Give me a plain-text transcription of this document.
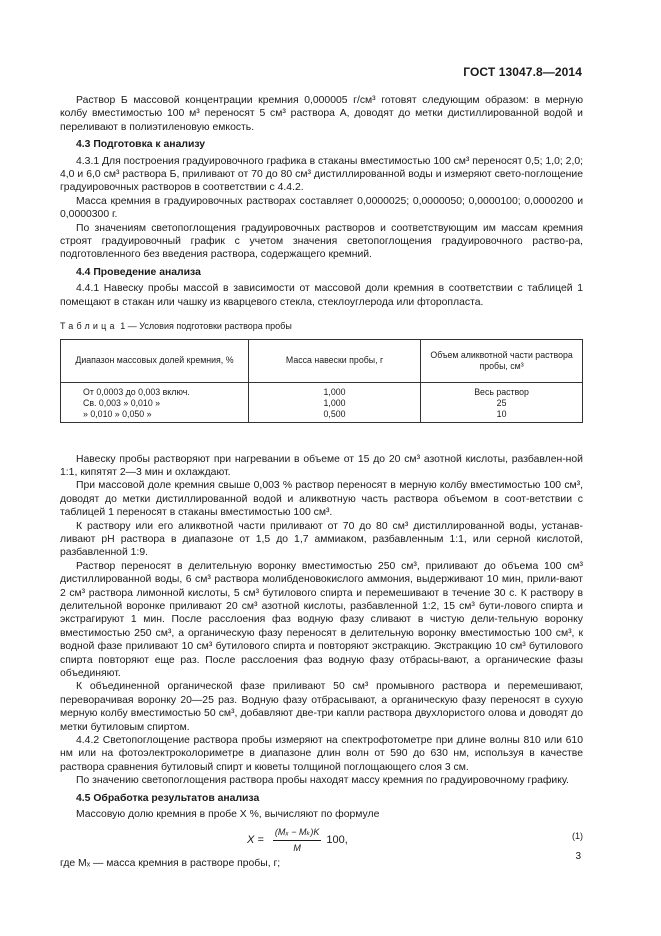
ГОСТ 13047.8—2014

Раствор Б массовой концентрации кремния 0,000005 г/см³ готовят следующим образом: в мерную колбу вместимостью 100 м³ переносят 5 см³ раствора А, доводят до метки дистиллированной водой и переливают в полиэтиленовую емкость.

4.3 Подготовка к анализу

4.3.1 Для построения градуировочного графика в стаканы вместимостью 100 см³ переносят 0,5; 1,0; 2,0; 4,0 и 6,0 см³ раствора Б, приливают от 70 до 80 см³ дистиллированной воды и измеряют свето-поглощение градуировочных растворов в соответствии с 4.4.2.

Масса кремния в градуировочных растворах составляет 0,0000025; 0,0000050; 0,0000100; 0,0000200 и 0,0000300 г.

По значениям светопоглощения градуировочных растворов и соответствующим им массам кремния строят градуировочный график с учетом значения светопоглощения градуировочного раство-ра, подготовленного без введения раствора, содержащего кремний.

4.4 Проведение анализа

4.4.1 Навеску пробы массой в зависимости от массовой доли кремния в соответствии с таблицей 1 помещают в стакан или чашку из кварцевого стекла, стеклоуглерода или фторопласта.

Таблица 1 — Условия подготовки раствора пробы
Диапазон массовых долей кремния, %	Масса навески пробы, г	Объем аликвотной части раствора пробы, см³
От 0,0003 до 0,003 включ.	1,000	Весь раствор
Св. 0,003 » 0,010 »	1,000	25
» 0,010 » 0,050 »	0,500	10

Навеску пробы растворяют при нагревании в объеме от 15 до 20 см³ азотной кислоты, разбавлен-ной 1:1, кипятят 2—3 мин и охлаждают.

При массовой доле кремния свыше 0,003 % раствор переносят в мерную колбу вместимостью 100 см³, доводят до метки дистиллированной водой и аликвотную часть раствора объемом в соот-ветствии с таблицей 1 переносят в стаканы вместимостью 100 см³.

К раствору или его аликвотной части приливают от 70 до 80 см³ дистиллированной воды, устанав-ливают pH раствора в диапазоне от 1,5 до 1,7 аммиаком, разбавленным 1:1, или серной кислотой, разбавленной 1:9.

Раствор переносят в делительную воронку вместимостью 250 см³, приливают до объема 100 см³ дистиллированной воды, 6 см³ раствора молибденовокислого аммония, выдерживают 10 мин, прили-вают 2 см³ раствора лимонной кислоты, 5 см³ бутилового спирта и перемешивают в течение 30 с. К раствору в делительной воронке приливают 20 см³ азотной кислоты, разбавленной 1:2, 15 см³ бути-лового спирта и экстрагируют 1 мин. После расслоения фаз водную фазу сливают в чистую дели-тельную воронку вместимостью 250 см³, а органическую фазу переносят в делительную воронку вместимостью 100 см³, к водной фазе приливают 10 см³ бутилового спирта и повторяют экстракцию. Экстракцию 10 см³ бутилового спирта повторяют еще раз. После расслоения фаз водную фазу отбрасы-вают, а органические фазы объединяют.

К объединенной органической фазе приливают 50 см³ промывного раствора и перемешивают, переворачивая воронку 20—25 раз. Водную фазу отбрасывают, а органическую фазу переносят в сухую мерную колбу вместимостью 50 см³, добавляют две-три капли раствора двухлористого олова и доводят до метки бутиловым спиртом.

4.4.2 Светопоглощение раствора пробы измеряют на спектрофотометре при длине волны 810 или 610 нм или на фотоэлектроколориметре в диапазоне длин волн от 590 до 630 нм, используя в качестве раствора сравнения бутиловый спирт и кюветы толщиной поглощающего слоя 3 см.

По значению светопоглощения раствора пробы находят массу кремния по градуировочному графику.

4.5 Обработка результатов анализа

Массовую долю кремния в пробе X %, вычисляют по формуле

$X = \frac{\text{(Mₓ − Mₖ)K}}{M} 100$,	(1)

где Mₓ — масса кремния в растворе пробы, г;

3
